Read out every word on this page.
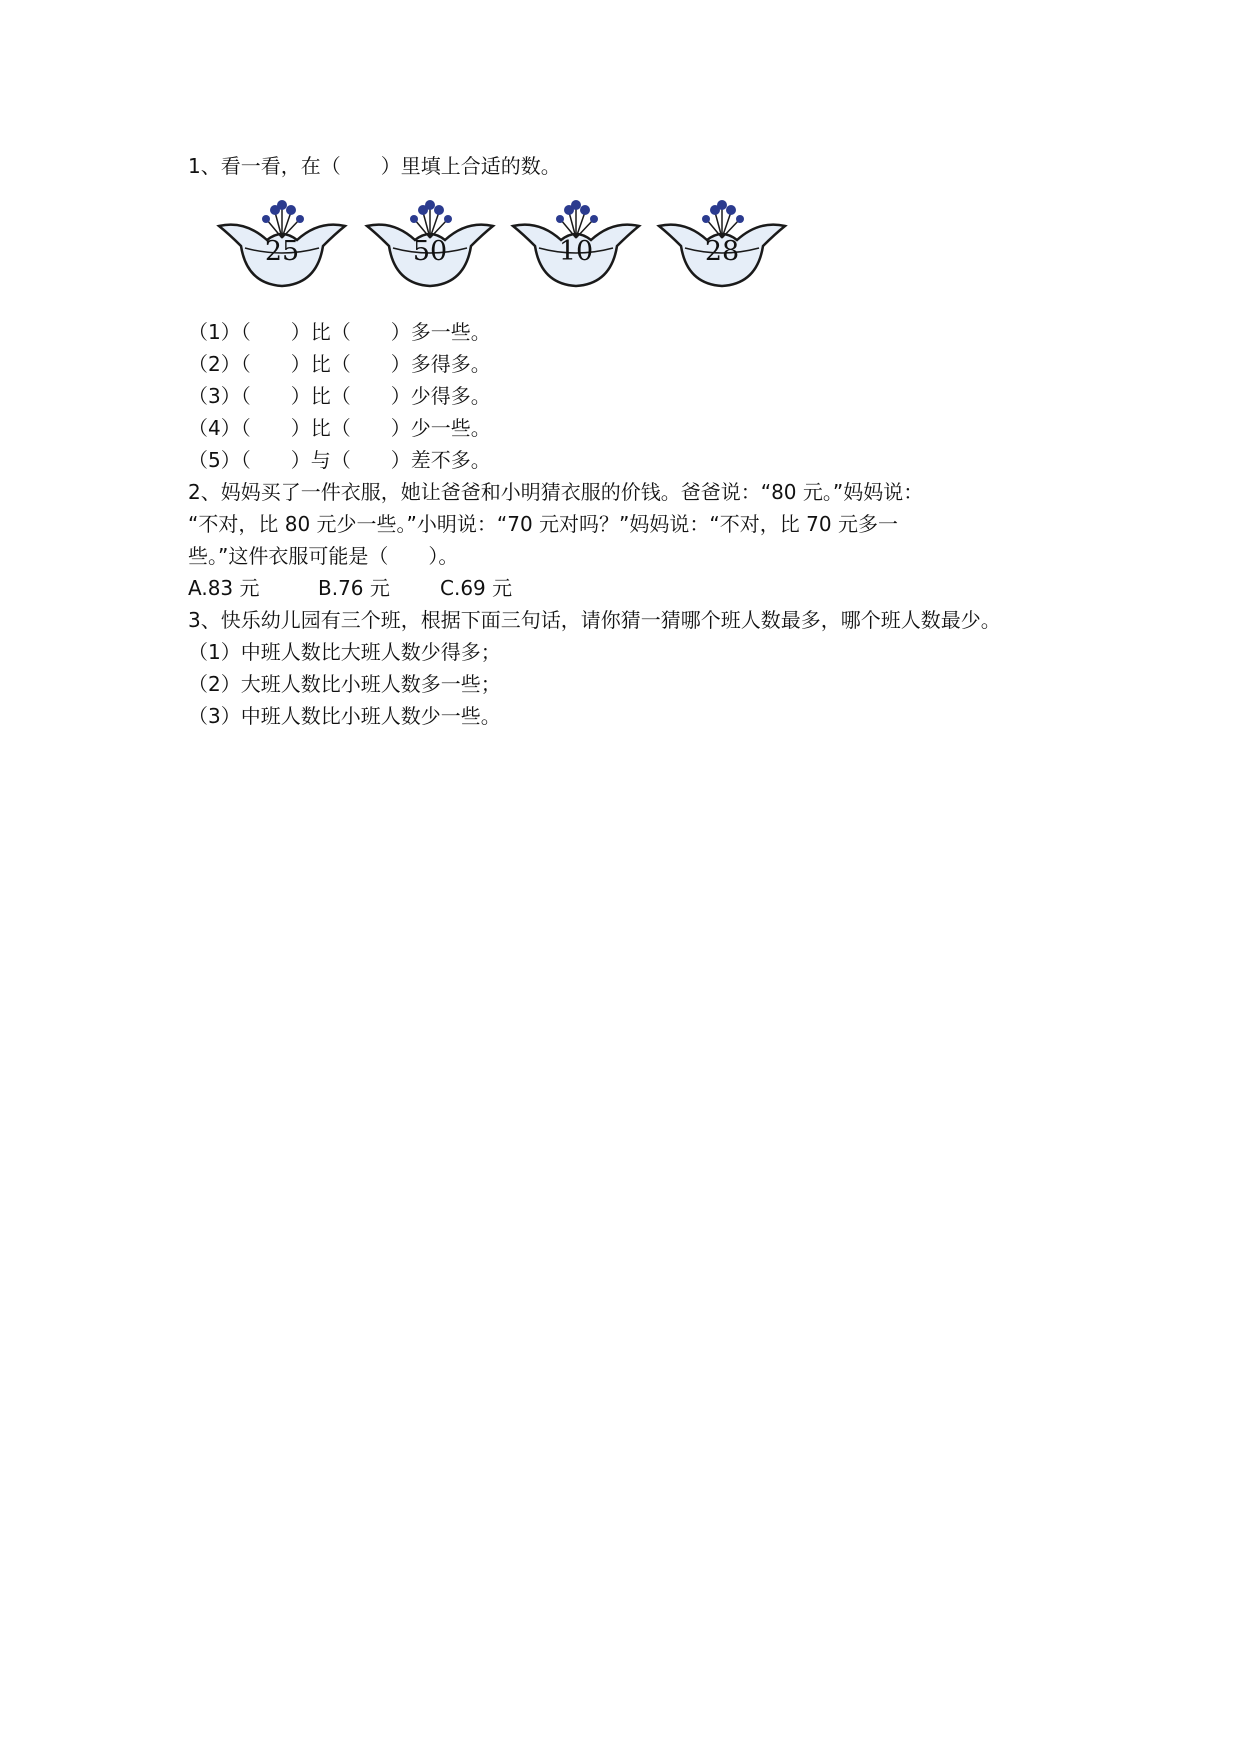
1、看一看，在（　　）里填上合适的数。
25	50	10	28
（1）（　　）比（　　）多一些。
（2）（　　）比（　　）多得多。
（3）（　　）比（　　）少得多。
（4）（　　）比（　　）少一些。
（5）（　　）与（　　）差不多。
2、妈妈买了一件衣服，她让爸爸和小明猜衣服的价钱。爸爸说：“80 元。”妈妈说：
“不对，比 80 元少一些。”小明说：“70 元对吗？”妈妈说：“不对，比 70 元多一
些。”这件衣服可能是（　　）。
A.83 元	B.76 元	C.69 元
3、快乐幼儿园有三个班，根据下面三句话，请你猜一猜哪个班人数最多，哪个班人数最少。
（1）中班人数比大班人数少得多；
（2）大班人数比小班人数多一些；
（3）中班人数比小班人数少一些。
